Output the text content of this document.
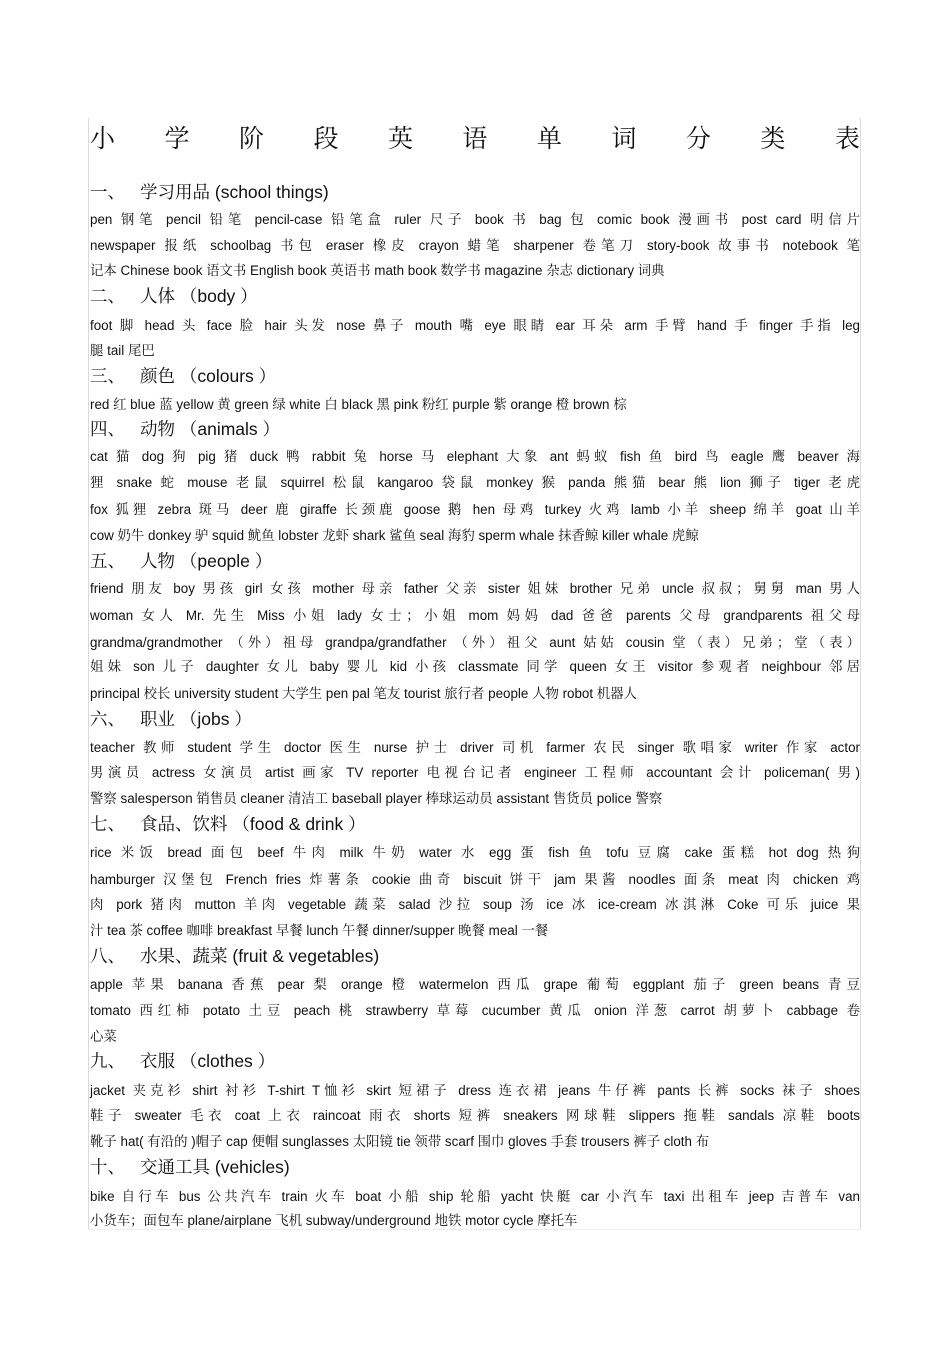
小 学 阶 段 英 语 单 词 分 类 表
一、 学习用品 (school things)
pen 钢笔 pencil 铅笔 pencil-case 铅笔盒 ruler 尺子 book 书 bag 包 comic book 漫画书 post card 明信片
newspaper 报纸 schoolbag 书包 eraser 橡皮 crayon 蜡笔 sharpener 卷笔刀 story-book 故事书 notebook 笔
记本 Chinese book 语文书 English book 英语书 math book 数学书 magazine 杂志 dictionary 词典
二、 人体 （body ）
foot 脚 head 头 face 脸 hair 头发 nose 鼻子 mouth 嘴 eye 眼睛 ear 耳朵 arm 手臂 hand 手 finger 手指 leg
腿 tail 尾巴
三、 颜色 （colours ）
red 红 blue 蓝 yellow 黄 green 绿 white 白 black 黑 pink 粉红 purple 紫 orange 橙 brown 棕
四、 动物 （animals ）
cat 猫 dog 狗 pig 猪 duck 鸭 rabbit 兔 horse 马 elephant 大象 ant 蚂蚁 fish 鱼 bird 鸟 eagle 鹰 beaver 海
狸 snake 蛇 mouse 老鼠 squirrel 松鼠 kangaroo 袋鼠 monkey 猴 panda 熊猫 bear 熊 lion 狮子 tiger 老虎
fox 狐狸 zebra 斑马 deer 鹿 giraffe 长颈鹿 goose 鹅 hen 母鸡 turkey 火鸡 lamb 小羊 sheep 绵羊 goat 山羊
cow 奶牛 donkey 驴 squid 鱿鱼 lobster 龙虾 shark 鲨鱼 seal 海豹 sperm whale 抹香鲸 killer whale 虎鲸
五、 人物 （people ）
friend 朋友 boy 男孩 girl 女孩 mother 母亲 father 父亲 sister 姐妹 brother 兄弟 uncle 叔叔；舅舅 man 男人
woman 女人 Mr. 先生 Miss 小姐 lady 女士；小姐 mom 妈妈 dad 爸爸 parents 父母 grandparents 祖父母
grandma/grandmother （外）祖母 grandpa/grandfather （外）祖父 aunt 姑姑 cousin 堂（表）兄弟；堂（表）
姐妹 son 儿子 daughter 女儿 baby 婴儿 kid 小孩 classmate 同学 queen 女王 visitor 参观者 neighbour 邻居
principal 校长 university student 大学生 pen pal 笔友 tourist 旅行者 people 人物 robot 机器人
六、 职业 （jobs ）
teacher 教师 student 学生 doctor 医生 nurse 护士 driver 司机 farmer 农民 singer 歌唱家 writer 作家 actor
男演员 actress 女演员 artist 画家 TV reporter 电视台记者 engineer 工程师 accountant 会计 policeman( 男)
警察 salesperson 销售员 cleaner 清洁工 baseball player 棒球运动员 assistant 售货员 police 警察
七、 食品、饮料 （food & drink ）
rice 米饭 bread 面包 beef 牛肉 milk 牛奶 water 水 egg 蛋 fish 鱼 tofu 豆腐 cake 蛋糕 hot dog 热狗
hamburger 汉堡包 French fries 炸薯条 cookie 曲奇 biscuit 饼干 jam 果酱 noodles 面条 meat 肉 chicken 鸡
肉 pork 猪肉 mutton 羊肉 vegetable 蔬菜 salad 沙拉 soup 汤 ice 冰 ice-cream 冰淇淋 Coke 可乐 juice 果
汁 tea 茶 coffee 咖啡 breakfast 早餐 lunch 午餐 dinner/supper 晚餐 meal 一餐
八、 水果、蔬菜 (fruit & vegetables)
apple 苹果 banana 香蕉 pear 梨 orange 橙 watermelon 西瓜 grape 葡萄 eggplant 茄子 green beans 青豆
tomato 西红柿 potato 土豆 peach 桃 strawberry 草莓 cucumber 黄瓜 onion 洋葱 carrot 胡萝卜 cabbage 卷
心菜
九、 衣服 （clothes ）
jacket 夹克衫 shirt 衬衫 T-shirt T恤衫 skirt 短裙子 dress 连衣裙 jeans 牛仔裤 pants 长裤 socks 袜子 shoes
鞋子 sweater 毛衣 coat 上衣 raincoat 雨衣 shorts 短裤 sneakers 网球鞋 slippers 拖鞋 sandals 凉鞋 boots
靴子 hat( 有沿的 )帽子 cap 便帽 sunglasses 太阳镜 tie 领带 scarf 围巾 gloves 手套 trousers 裤子 cloth 布
十、 交通工具 (vehicles)
bike 自行车 bus 公共汽车 train 火车 boat 小船 ship 轮船 yacht 快艇 car 小汽车 taxi 出租车 jeep 吉普车 van
小货车；面包车 plane/airplane 飞机 subway/underground 地铁 motor cycle 摩托车
